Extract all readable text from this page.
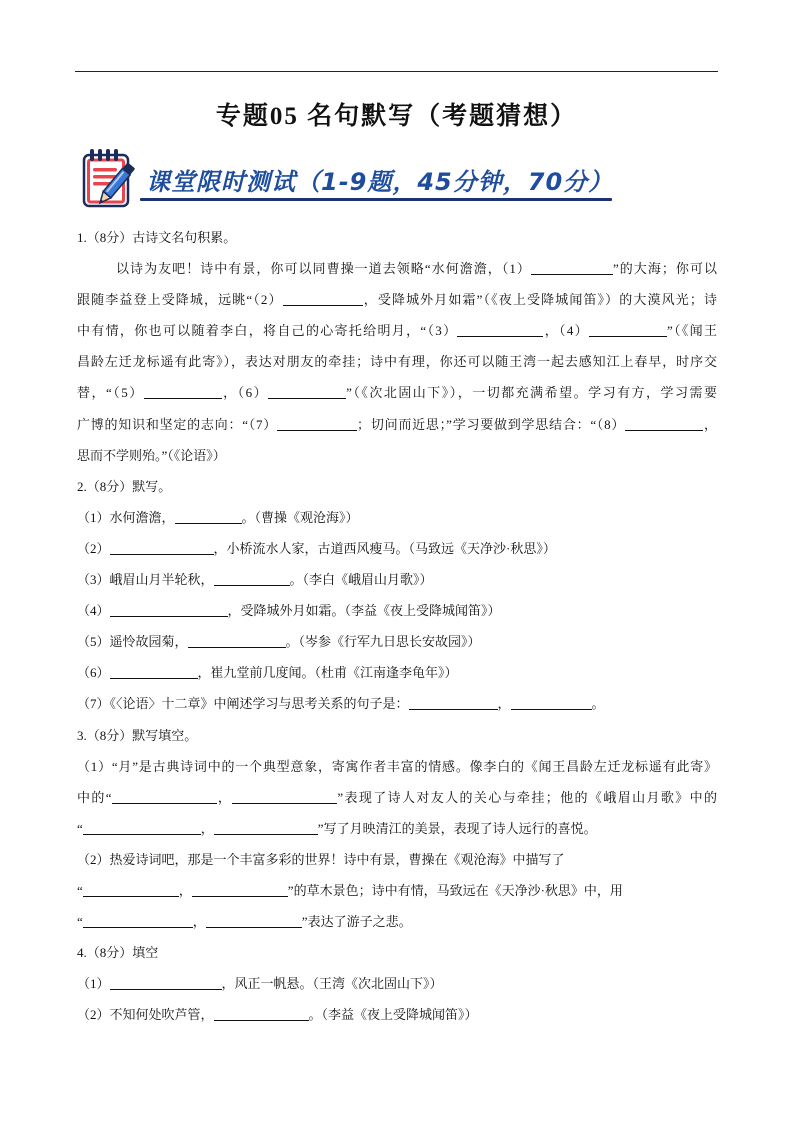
专题05 名句默写（考题猜想）
课堂限时测试（1-9题，45分钟，70分）
1.（8分）古诗文名句积累。
以诗为友吧！诗中有景，你可以同曹操一道去领略“水何澹澹，（1）	”的大海；你可以
跟随李益登上受降城，远眺“（2）	，受降城外月如霜”（《夜上受降城闻笛》）的大漠风光；诗
中有情，你也可以随着李白，将自己的心寄托给明月，“（3）	，（4）	”（《闻王
昌龄左迁龙标遥有此寄》），表达对朋友的牵挂；诗中有理，你还可以随王湾一起去感知江上春早，时序交
替，“（5）	，（6）	”（《次北固山下》），一切都充满希望。学习有方，学习需要
广博的知识和坚定的志向：“（7）	；切问而近思；”学习要做到学思结合：“（8）	，
思而不学则殆。”（《论语》）
2.（8分）默写。
（1）水何澹澹，	。（曹操《观沧海》）
（2）	，小桥流水人家，古道西风瘦马。（马致远《天净沙·秋思》）
（3）峨眉山月半轮秋，	。（李白《峨眉山月歌》）
（4）	，受降城外月如霜。（李益《夜上受降城闻笛》）
（5）遥怜故园菊，	。（岑参《行军九日思长安故园》）
（6）	，崔九堂前几度闻。（杜甫《江南逢李龟年》）
（7）《〈论语〉十二章》中阐述学习与思考关系的句子是：	，	。
3.（8分）默写填空。
（1）“月”是古典诗词中的一个典型意象，寄寓作者丰富的情感。像李白的《闻王昌龄左迁龙标遥有此寄》
中的“	，	”表现了诗人对友人的关心与牵挂；他的《峨眉山月歌》中的
“	，	”写了月映清江的美景，表现了诗人远行的喜悦。
（2）热爱诗词吧，那是一个丰富多彩的世界！诗中有景，曹操在《观沧海》中描写了
“	，	”的草木景色；诗中有情，马致远在《天净沙·秋思》中，用
“	，	”表达了游子之悲。
4.（8分）填空
（1）	，风正一帆悬。（王湾《次北固山下》）
（2）不知何处吹芦管，	。（李益《夜上受降城闻笛》）
